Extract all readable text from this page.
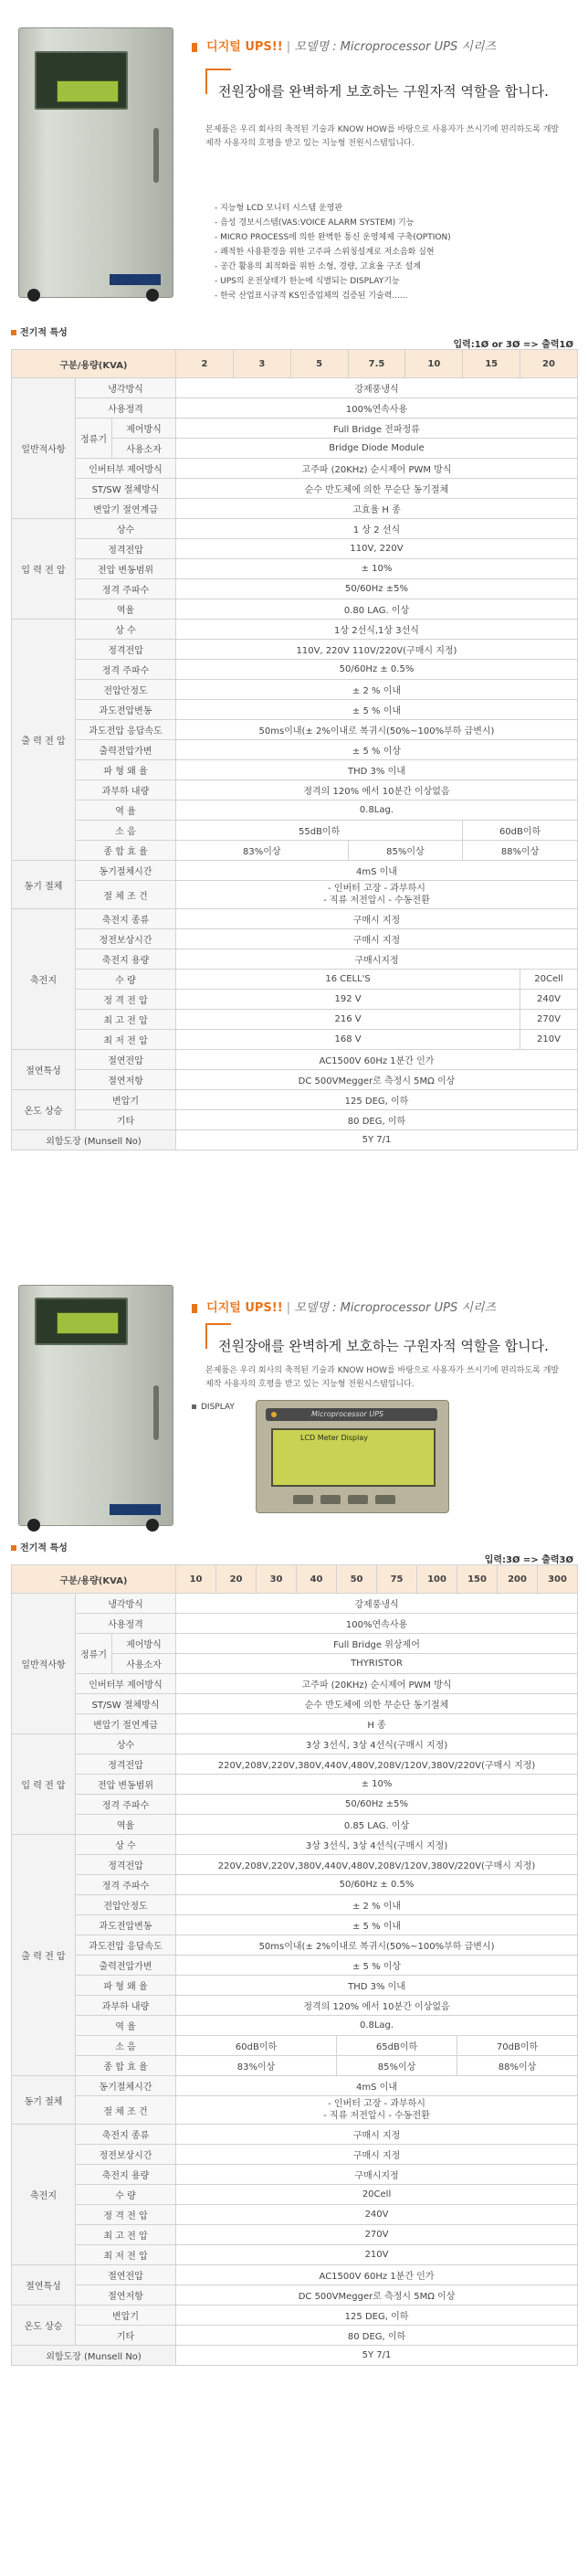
디지털 UPS!! | 모델명 : Microprocessor UPS 시리즈
전원장애를 완벽하게 보호하는 구원자적 역할을 합니다.
본제품은 우리 회사의 축적된 기술과 KNOW HOW를 바탕으로 사용자가 쓰시기에 편리하도록 개발 제작 사용자의 호평을 받고 있는 지능형 전원시스템입니다.
- 지능형 LCD 모니터 시스템 운영판
- 음성 경보시스템(VAS:VOICE ALARM SYSTEM) 기능
- MICRO PROCESS에 의한 완벽한 통신 운영체제 구축(OPTION)
- 쾌적한 사용환경을 위한 고주파 스위칭설계로 저소음화 실현
- 공간 활용의 최적화를 위한 소형, 경량, 고효율 구조 설계
- UPS의 운전상태가 한눈에 식별되는 DISPLAY기능
- 한국 산업표시규격 KS인증업체의 검증된 기술력......
전기적 특성
입력:1Ø or 3Ø => 출력1Ø
구분/용량(KVA)			2	3	5	7.5	10	15	20
일반적사항	냉각방식		강제풍냉식						
	사용정격		100%연속사용						
	정류기	제어방식	Full Bridge 전파정류						
		사용소자	Bridge Diode Module						
	인버터부 제어방식		고주파 (20KHz) 순시제어 PWM 방식						
	ST/SW 절체방식		순수 반도체에 의한 무순단 동기절체						
	변압기 절연계급		고효율 H 종						
입 력 전 압	상수		1 상 2 선식						
	정격전압		110V, 220V						
	전압 변동범위		± 10%						
	정격 주파수		50/60Hz ±5%						
	역율		0.80 LAG. 이상						
출 력 전 압	상 수		1상 2선식,1상 3선식						
	정격전압		110V, 220V 110V/220V(구매시 지정)						
	정격 주파수		50/60Hz ± 0.5%						
	전압안정도		± 2 % 이내						
	과도전압변동		± 5 % 이내						
	과도전압 응답속도		50ms이내(± 2%이내로 복귀시(50%~100%부하 급변시)						
	출력전압가변		± 5 % 이상						
	파 형 왜 율		THD 3% 이내						
	과부하 내량		정격의 120% 에서 10분간 이상없음						
	역 율		0.8Lag.						
	소 음		55dB이하					60dB이하	
	종 합 효 율		83%이상			85%이상		88%이상	
동기 절체	동기절체시간		4mS 이내						
	절 체 조 건		- 인버터 고장 - 과부하시
- 직류 저전압시 - 수동전환						
축전지	축전지 종류		구매시 지정						
	정전보상시간		구매시 지정						
	축전지 용량		구매시지정						
	수 량		16 CELL'S						20Cell
	정 격 전 압		192 V						240V
	최 고 전 압		216 V						270V
	최 저 전 압		168 V						210V
절연특성	절연전압		AC1500V 60Hz 1분간 인가						
	절연저항		DC 500VMegger로 측정시 5MΩ 이상						
온도 상승	변압기		125 DEG, 이하						
	기타		80 DEG, 이하						
외함도장 (Munsell No)			5Y 7/1						
디지털 UPS!! | 모델명 : Microprocessor UPS 시리즈
전원장애를 완벽하게 보호하는 구원자적 역할을 합니다.
본제품은 우리 회사의 축적된 기술과 KNOW HOW를 바탕으로 사용자가 쓰시기에 편리하도록 개발 제작 사용자의 호평을 받고 있는 지능형 전원시스템입니다.
DISPLAY
Microprocessor UPS
LCD Meter Display
전기적 특성
입력:3Ø => 출력3Ø
구분/용량(KVA)			10	20	30	40	50	75	100	150	200	300
일반적사항	냉각방식		강제풍냉식									
	사용정격		100%연속사용									
	정류기	제어방식	Full Bridge 위상제어									
		사용소자	THYRISTOR									
	인버터부 제어방식		고주파 (20KHz) 순시제어 PWM 방식									
	ST/SW 절체방식		순수 반도체에 의한 무순단 동기절체									
	변압기 절연계급		H 종									
입 력 전 압	상수		3상 3선식, 3상 4선식(구매시 지정)									
	정격전압		220V,208V,220V,380V,440V,480V,208V/120V,380V/220V(구매시 지정)									
	전압 변동범위		± 10%									
	정격 주파수		50/60Hz ±5%									
	역율		0.85 LAG. 이상									
출 력 전 압	상 수		3상 3선식, 3상 4선식(구매시 지정)									
	정격전압		220V,208V,220V,380V,440V,480V,208V/120V,380V/220V(구매시 지정)									
	정격 주파수		50/60Hz ± 0.5%									
	전압안정도		± 2 % 이내									
	과도전압변동		± 5 % 이내									
	과도전압 응답속도		50ms이내(± 2%이내로 복귀시(50%~100%부하 급변시)									
	출력전압가변		± 5 % 이상									
	파 형 왜 율		THD 3% 이내									
	과부하 내량		정격의 120% 에서 10분간 이상없음									
	역 율		0.8Lag.									
	소 음		60dB이하				65dB이하			70dB이하		
	종 합 효 율		83%이상				85%이상			88%이상		
동기 절체	동기절체시간		4mS 이내									
	절 체 조 건		- 인버터 고장 - 과부하시
- 직류 저전압시 - 수동전환									
축전지	축전지 종류		구매시 지정									
	정전보상시간		구매시 지정									
	축전지 용량		구매시지정									
	수 량		20Cell									
	정 격 전 압		240V									
	최 고 전 압		270V									
	최 저 전 압		210V									
절연특성	절연전압		AC1500V 60Hz 1분간 인가									
	절연저항		DC 500VMegger로 측정시 5MΩ 이상									
온도 상승	변압기		125 DEG, 이하									
	기타		80 DEG, 이하									
외함도장 (Munsell No)			5Y 7/1									
